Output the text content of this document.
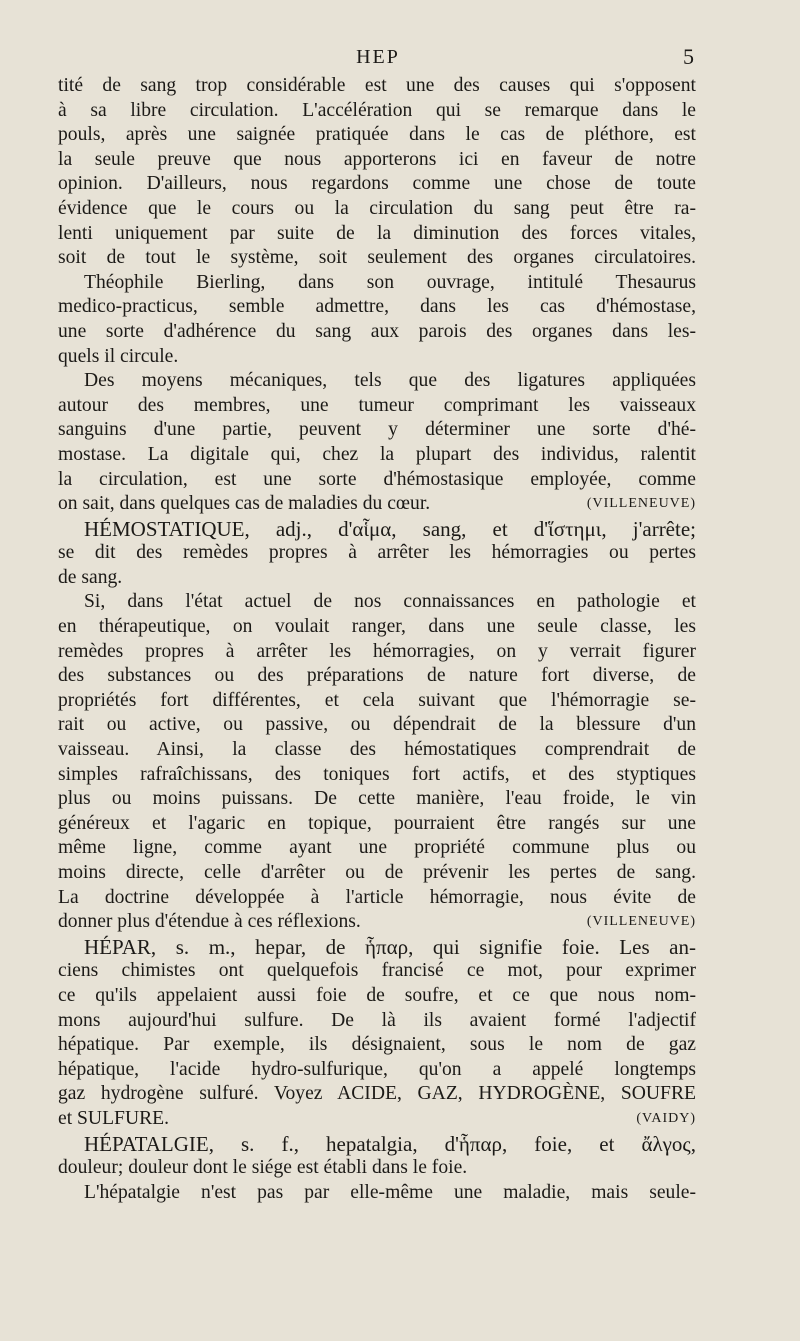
HEP	5
tité de sang trop considérable est une des causes qui s'opposent
à sa libre circulation. L'accélération qui se remarque dans le
pouls, après une saignée pratiquée dans le cas de pléthore, est
la seule preuve que nous apporterons ici en faveur de notre
opinion. D'ailleurs, nous regardons comme une chose de toute
évidence que le cours ou la circulation du sang peut être ra-
lenti uniquement par suite de la diminution des forces vitales,
soit de tout le système, soit seulement des organes circulatoires.
Théophile Bierling, dans son ouvrage, intitulé Thesaurus
medico-practicus, semble admettre, dans les cas d'hémostase,
une sorte d'adhérence du sang aux parois des organes dans les-
quels il circule.
Des moyens mécaniques, tels que des ligatures appliquées
autour des membres, une tumeur comprimant les vaisseaux
sanguins d'une partie, peuvent y déterminer une sorte d'hé-
mostase. La digitale qui, chez la plupart des individus, ralentit
la circulation, est une sorte d'hémostasique employée, comme
on sait, dans quelques cas de maladies du cœur.	(VILLENEUVE)
HÉMOSTATIQUE, adj., d'αἷμα, sang, et d'ἵστημι, j'arrête;
se dit des remèdes propres à arrêter les hémorragies ou pertes
de sang.
Si, dans l'état actuel de nos connaissances en pathologie et
en thérapeutique, on voulait ranger, dans une seule classe, les
remèdes propres à arrêter les hémorragies, on y verrait figurer
des substances ou des préparations de nature fort diverse, de
propriétés fort différentes, et cela suivant que l'hémorragie se-
rait ou active, ou passive, ou dépendrait de la blessure d'un
vaisseau. Ainsi, la classe des hémostatiques comprendrait de
simples rafraîchissans, des toniques fort actifs, et des styptiques
plus ou moins puissans. De cette manière, l'eau froide, le vin
généreux et l'agaric en topique, pourraient être rangés sur une
même ligne, comme ayant une propriété commune plus ou
moins directe, celle d'arrêter ou de prévenir les pertes de sang.
La doctrine développée à l'article hémorragie, nous évite de
donner plus d'étendue à ces réflexions.	(VILLENEUVE)
HÉPAR, s. m., hepar, de ἧπαρ, qui signifie foie. Les an-
ciens chimistes ont quelquefois francisé ce mot, pour exprimer
ce qu'ils appelaient aussi foie de soufre, et ce que nous nom-
mons aujourd'hui sulfure. De là ils avaient formé l'adjectif
hépatique. Par exemple, ils désignaient, sous le nom de gaz
hépatique, l'acide hydro-sulfurique, qu'on a appelé longtemps
gaz hydrogène sulfuré. Voyez ACIDE, GAZ, HYDROGÈNE, SOUFRE
et SULFURE.	(VAIDY)
HÉPATALGIE, s. f., hepatalgia, d'ἧπαρ, foie, et ἄλγος,
douleur; douleur dont le siége est établi dans le foie.
L'hépatalgie n'est pas par elle-même une maladie, mais seule-
